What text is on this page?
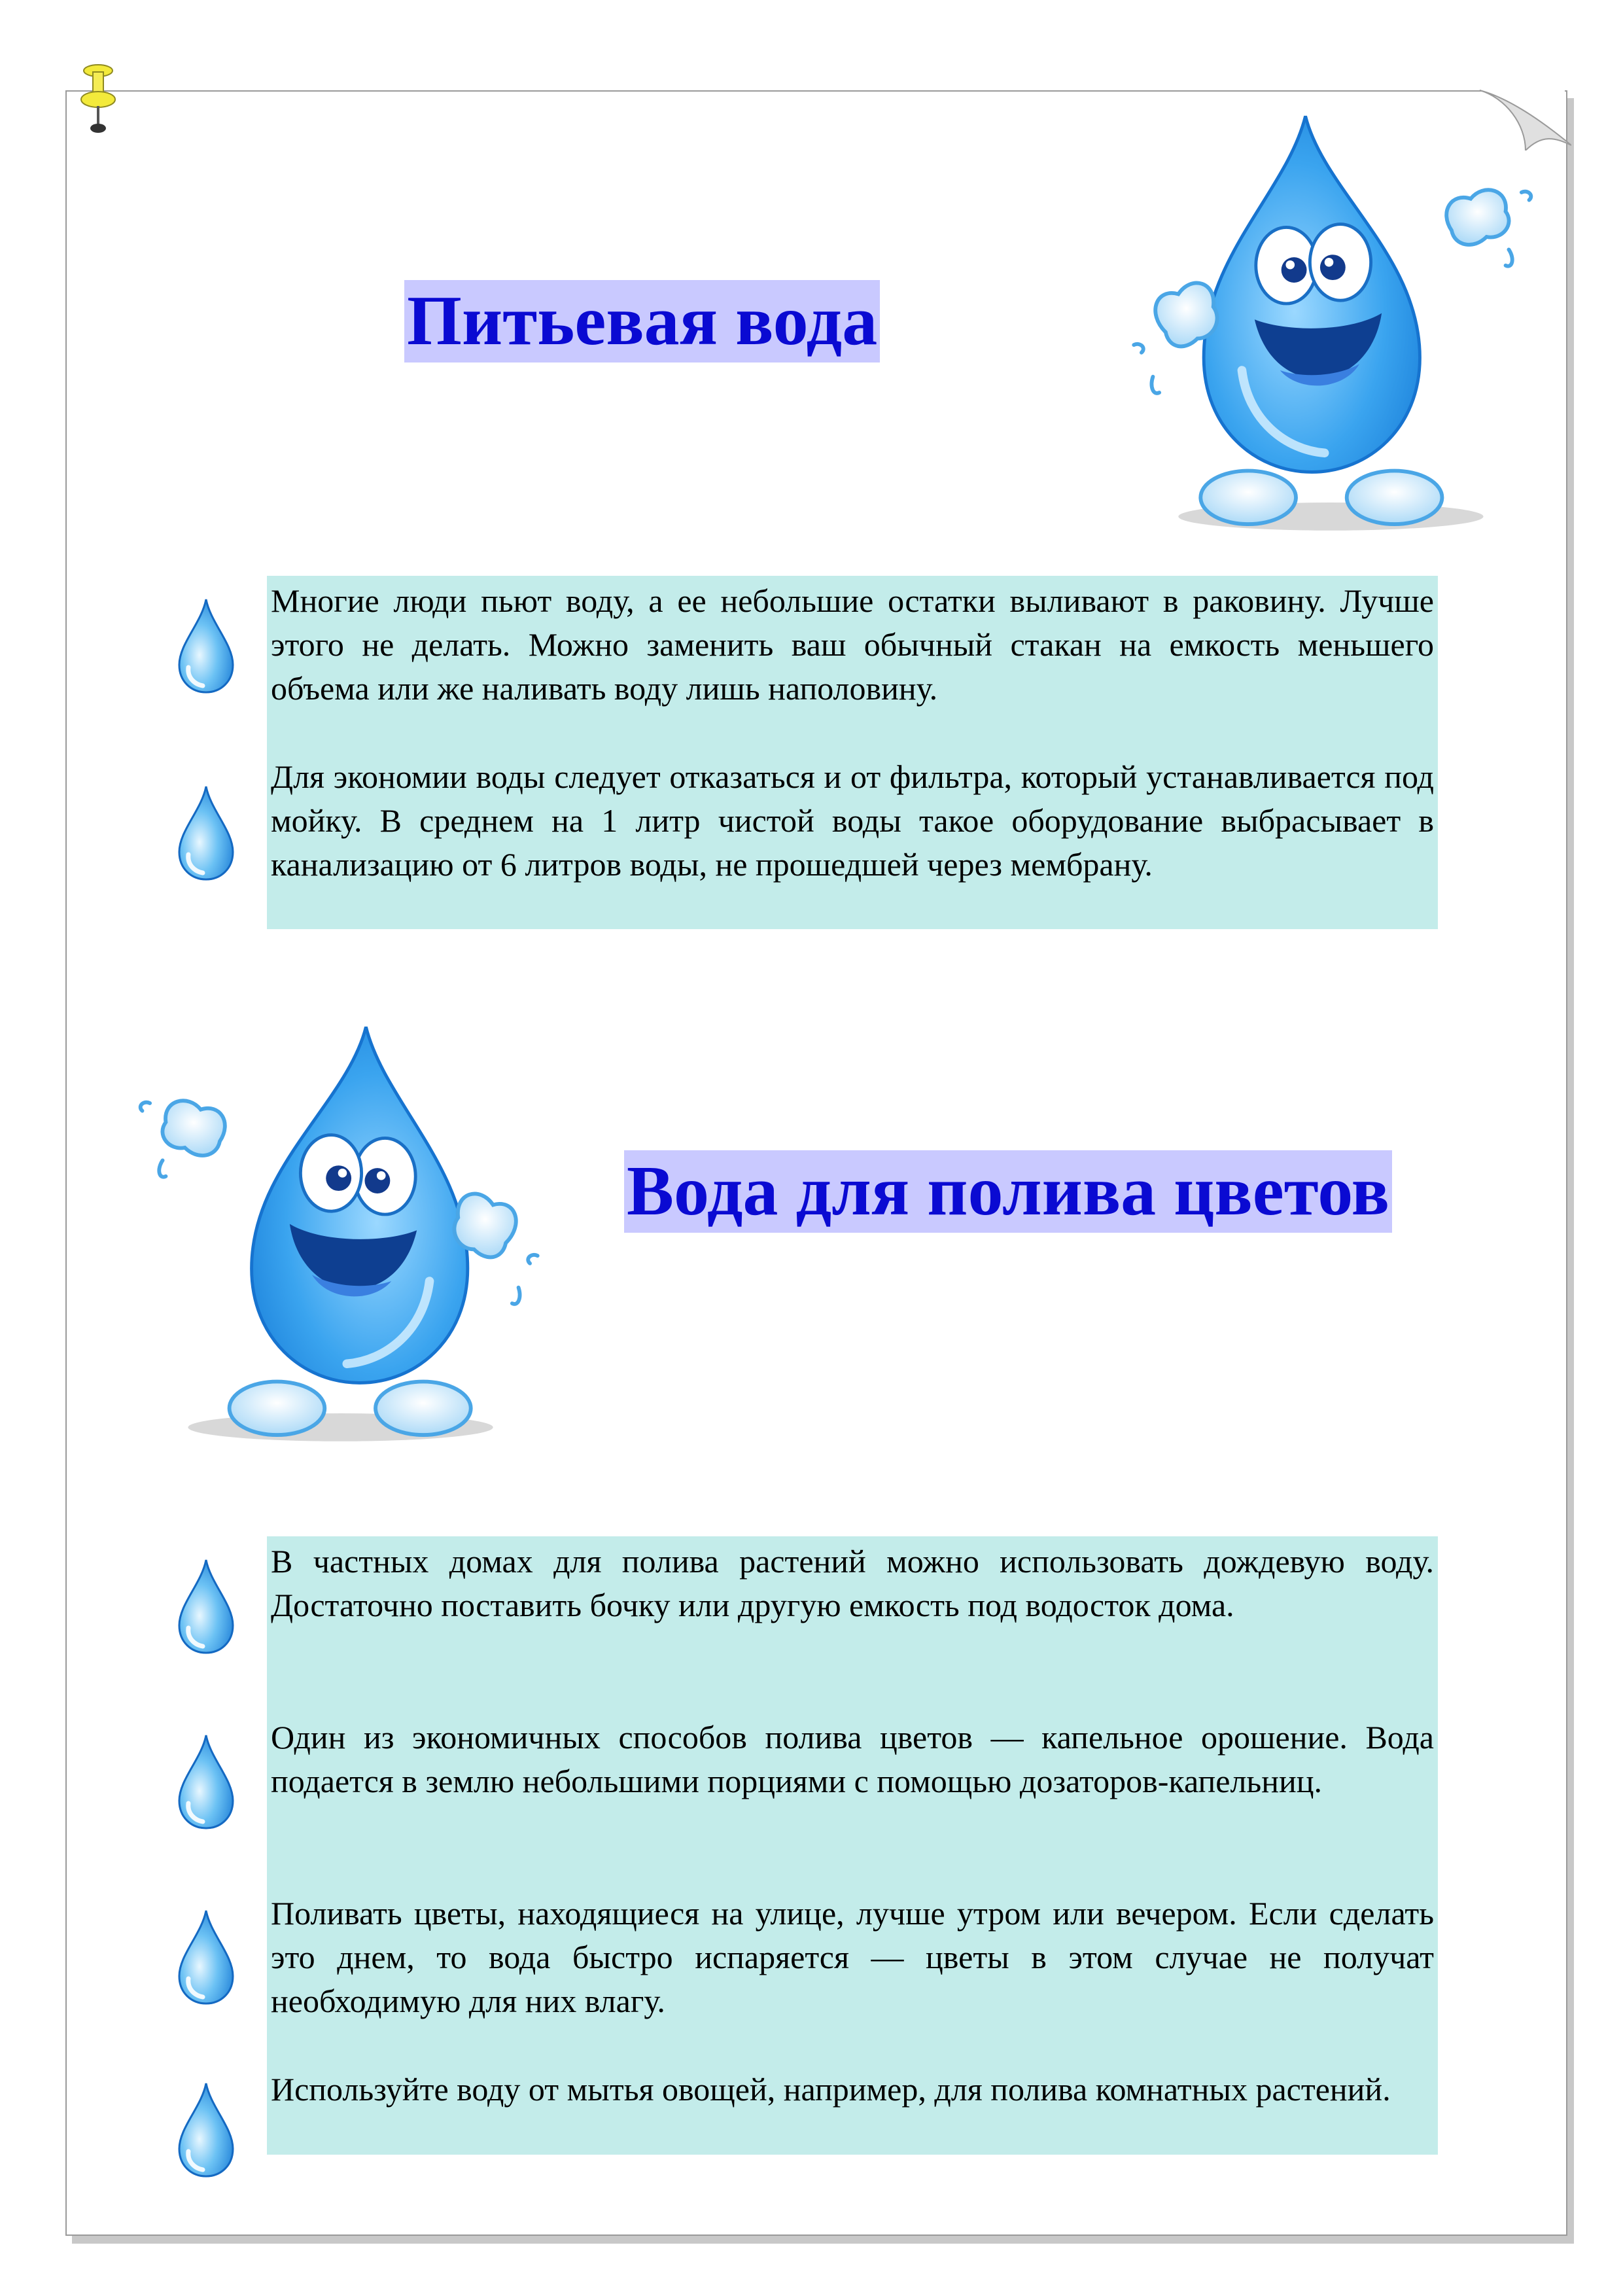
Питьевая вода
Вода для полива цветов

Многие люди пьют воду, а ее небольшие остатки выливают в раковину. Лучше этого не делать. Можно заменить ваш обычный стакан на емкость меньшего объема или же наливать воду лишь наполовину.

Для экономии воды следует отказаться и от фильтра, который устанавливается под мойку. В среднем на 1 литр чистой воды такое оборудование выбрасывает в канализацию от 6 литров воды, не прошедшей через мембрану.

В частных домах для полива растений можно использовать дождевую воду. Достаточно поставить бочку или другую емкость под водосток дома.

Один из экономичных способов полива цветов — капельное орошение. Вода подается в землю небольшими порциями с помощью дозаторов-капельниц.

Поливать цветы, находящиеся на улице, лучше утром или вечером. Если сделать это днем, то вода быстро испаряется — цветы в этом случае не получат необходимую для них влагу.

Используйте воду от мытья овощей, например, для полива комнатных растений.
